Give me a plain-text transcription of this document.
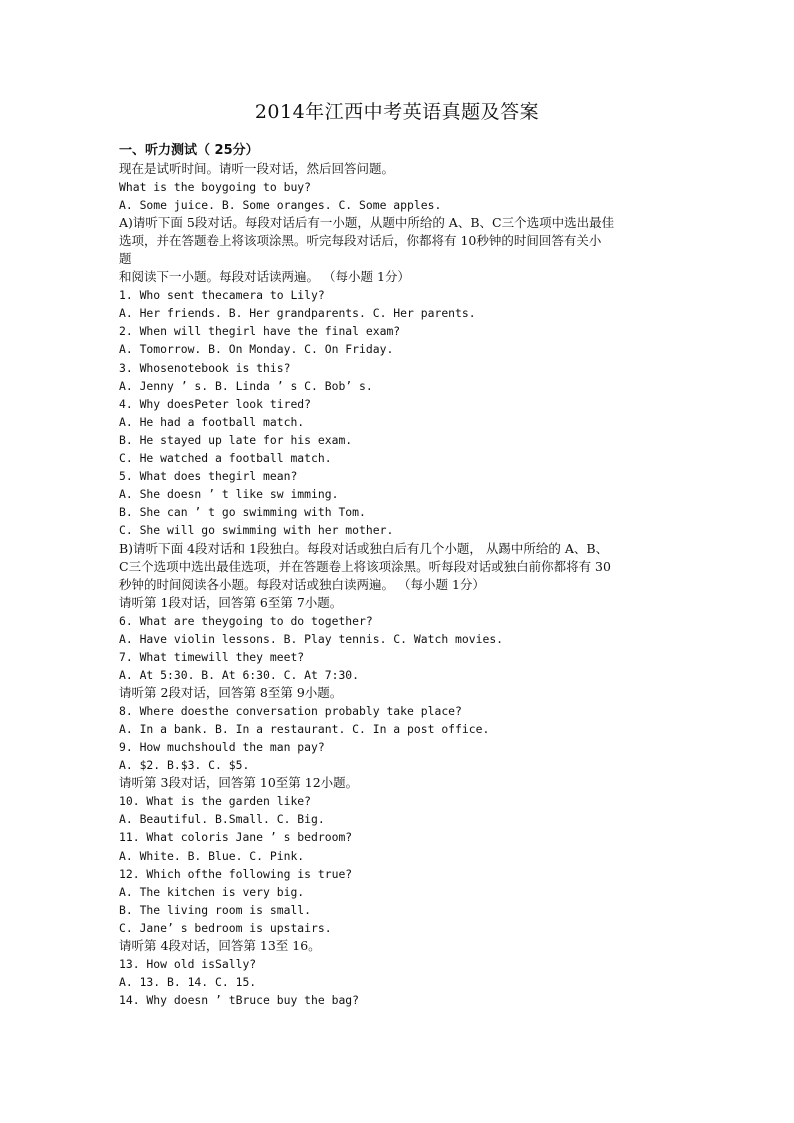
2014年江西中考英语真题及答案

一、听力测试（ 25分）

现在是试听时间。请听一段对话，然后回答问题。

What is the boygoing to buy?

A. Some juice. B. Some oranges. C. Some apples.

A)请听下面 5段对话。每段对话后有一小题，从题中所给的 A、B、C三个选项中选出最佳

选项，并在答题卷上将该项涂黑。听完每段对话后，你都将有 10秒钟的时间回答有关小

题

和阅读下一小题。每段对话读两遍。 （每小题 1分）

1. Who sent thecamera to Lily?

A. Her friends. B. Her grandparents. C. Her parents.

2. When will thegirl have the final exam?

A. Tomorrow. B. On Monday. C. On Friday.

3. Whosenotebook is this?

A. Jenny ’ s. B. Linda ’ s C. Bob’ s.

4. Why doesPeter look tired?

A. He had a football match.

B. He stayed up late for his exam.

C. He watched a football match.

5. What does thegirl mean?

A. She doesn ’ t like sw imming.

B. She can ’ t go swimming with Tom.

C. She will go swimming with her mother.

B)请听下面 4段对话和 1段独白。每段对话或独白后有几个小题， 从踢中所给的 A、B、

C三个选项中选出最佳选项，并在答题卷上将该项涂黑。听每段对话或独白前你都将有 30

秒钟的时间阅读各小题。每段对话或独白读两遍。 （每小题 1分）

请听第 1段对话，回答第 6至第 7小题。

6. What are theygoing to do together?

A. Have violin lessons. B. Play tennis. C. Watch movies.

7. What timewill they meet?

A. At 5:30. B. At 6:30. C. At 7:30.

请听第 2段对话，回答第 8至第 9小题。

8. Where doesthe conversation probably take place?

A. In a bank. B. In a restaurant. C. In a post office.

9. How muchshould the man pay?

A. $2. B.$3. C. $5.

请听第 3段对话，回答第 10至第 12小题。

10. What is the garden like?

A. Beautiful. B.Small. C. Big.

11. What coloris Jane ’ s bedroom?

A. White. B. Blue. C. Pink.

12. Which ofthe following is true?

A. The kitchen is very big.

B. The living room is small.

C. Jane’ s bedroom is upstairs.

请听第 4段对话，回答第 13至 16。

13. How old isSally?

A. 13. B. 14. C. 15.

14. Why doesn ’ tBruce buy the bag?
